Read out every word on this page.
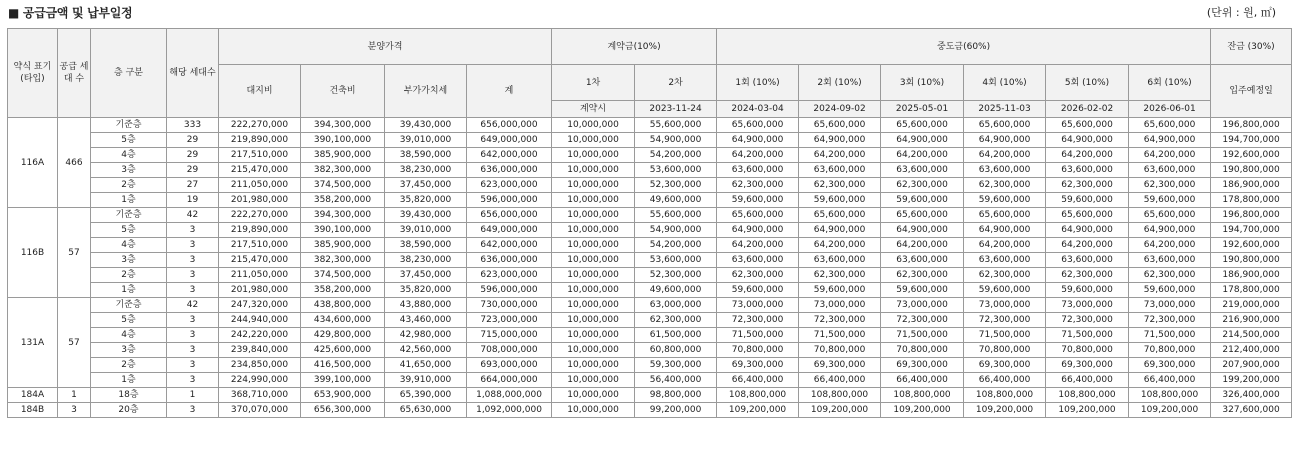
■ 공급금액 및 납부일정	(단위 : 원, ㎡)
약식 표기 (타입)	공급 세대 수	층 구분	해당 세대수	분양가격				계약금(10%)		중도금(60%)						잔금 (30%)
				대지비	건축비	부가가치세	계	1차	2차	1회 (10%)	2회 (10%)	3회 (10%)	4회 (10%)	5회 (10%)	6회 (10%)	입주예정일
								계약시	2023-11-24	2024-03-04	2024-09-02	2025-05-01	2025-11-03	2026-02-02	2026-06-01	
116A	466	기준층	333	222,270,000	394,300,000	39,430,000	656,000,000	10,000,000	55,600,000	65,600,000	65,600,000	65,600,000	65,600,000	65,600,000	65,600,000	196,800,000
		5층	29	219,890,000	390,100,000	39,010,000	649,000,000	10,000,000	54,900,000	64,900,000	64,900,000	64,900,000	64,900,000	64,900,000	64,900,000	194,700,000
		4층	29	217,510,000	385,900,000	38,590,000	642,000,000	10,000,000	54,200,000	64,200,000	64,200,000	64,200,000	64,200,000	64,200,000	64,200,000	192,600,000
		3층	29	215,470,000	382,300,000	38,230,000	636,000,000	10,000,000	53,600,000	63,600,000	63,600,000	63,600,000	63,600,000	63,600,000	63,600,000	190,800,000
		2층	27	211,050,000	374,500,000	37,450,000	623,000,000	10,000,000	52,300,000	62,300,000	62,300,000	62,300,000	62,300,000	62,300,000	62,300,000	186,900,000
		1층	19	201,980,000	358,200,000	35,820,000	596,000,000	10,000,000	49,600,000	59,600,000	59,600,000	59,600,000	59,600,000	59,600,000	59,600,000	178,800,000
116B	57	기준층	42	222,270,000	394,300,000	39,430,000	656,000,000	10,000,000	55,600,000	65,600,000	65,600,000	65,600,000	65,600,000	65,600,000	65,600,000	196,800,000
		5층	3	219,890,000	390,100,000	39,010,000	649,000,000	10,000,000	54,900,000	64,900,000	64,900,000	64,900,000	64,900,000	64,900,000	64,900,000	194,700,000
		4층	3	217,510,000	385,900,000	38,590,000	642,000,000	10,000,000	54,200,000	64,200,000	64,200,000	64,200,000	64,200,000	64,200,000	64,200,000	192,600,000
		3층	3	215,470,000	382,300,000	38,230,000	636,000,000	10,000,000	53,600,000	63,600,000	63,600,000	63,600,000	63,600,000	63,600,000	63,600,000	190,800,000
		2층	3	211,050,000	374,500,000	37,450,000	623,000,000	10,000,000	52,300,000	62,300,000	62,300,000	62,300,000	62,300,000	62,300,000	62,300,000	186,900,000
		1층	3	201,980,000	358,200,000	35,820,000	596,000,000	10,000,000	49,600,000	59,600,000	59,600,000	59,600,000	59,600,000	59,600,000	59,600,000	178,800,000
131A	57	기준층	42	247,320,000	438,800,000	43,880,000	730,000,000	10,000,000	63,000,000	73,000,000	73,000,000	73,000,000	73,000,000	73,000,000	73,000,000	219,000,000
		5층	3	244,940,000	434,600,000	43,460,000	723,000,000	10,000,000	62,300,000	72,300,000	72,300,000	72,300,000	72,300,000	72,300,000	72,300,000	216,900,000
		4층	3	242,220,000	429,800,000	42,980,000	715,000,000	10,000,000	61,500,000	71,500,000	71,500,000	71,500,000	71,500,000	71,500,000	71,500,000	214,500,000
		3층	3	239,840,000	425,600,000	42,560,000	708,000,000	10,000,000	60,800,000	70,800,000	70,800,000	70,800,000	70,800,000	70,800,000	70,800,000	212,400,000
		2층	3	234,850,000	416,500,000	41,650,000	693,000,000	10,000,000	59,300,000	69,300,000	69,300,000	69,300,000	69,300,000	69,300,000	69,300,000	207,900,000
		1층	3	224,990,000	399,100,000	39,910,000	664,000,000	10,000,000	56,400,000	66,400,000	66,400,000	66,400,000	66,400,000	66,400,000	66,400,000	199,200,000
184A	1	18층	1	368,710,000	653,900,000	65,390,000	1,088,000,000	10,000,000	98,800,000	108,800,000	108,800,000	108,800,000	108,800,000	108,800,000	108,800,000	326,400,000
184B	3	20층	3	370,070,000	656,300,000	65,630,000	1,092,000,000	10,000,000	99,200,000	109,200,000	109,200,000	109,200,000	109,200,000	109,200,000	109,200,000	327,600,000
